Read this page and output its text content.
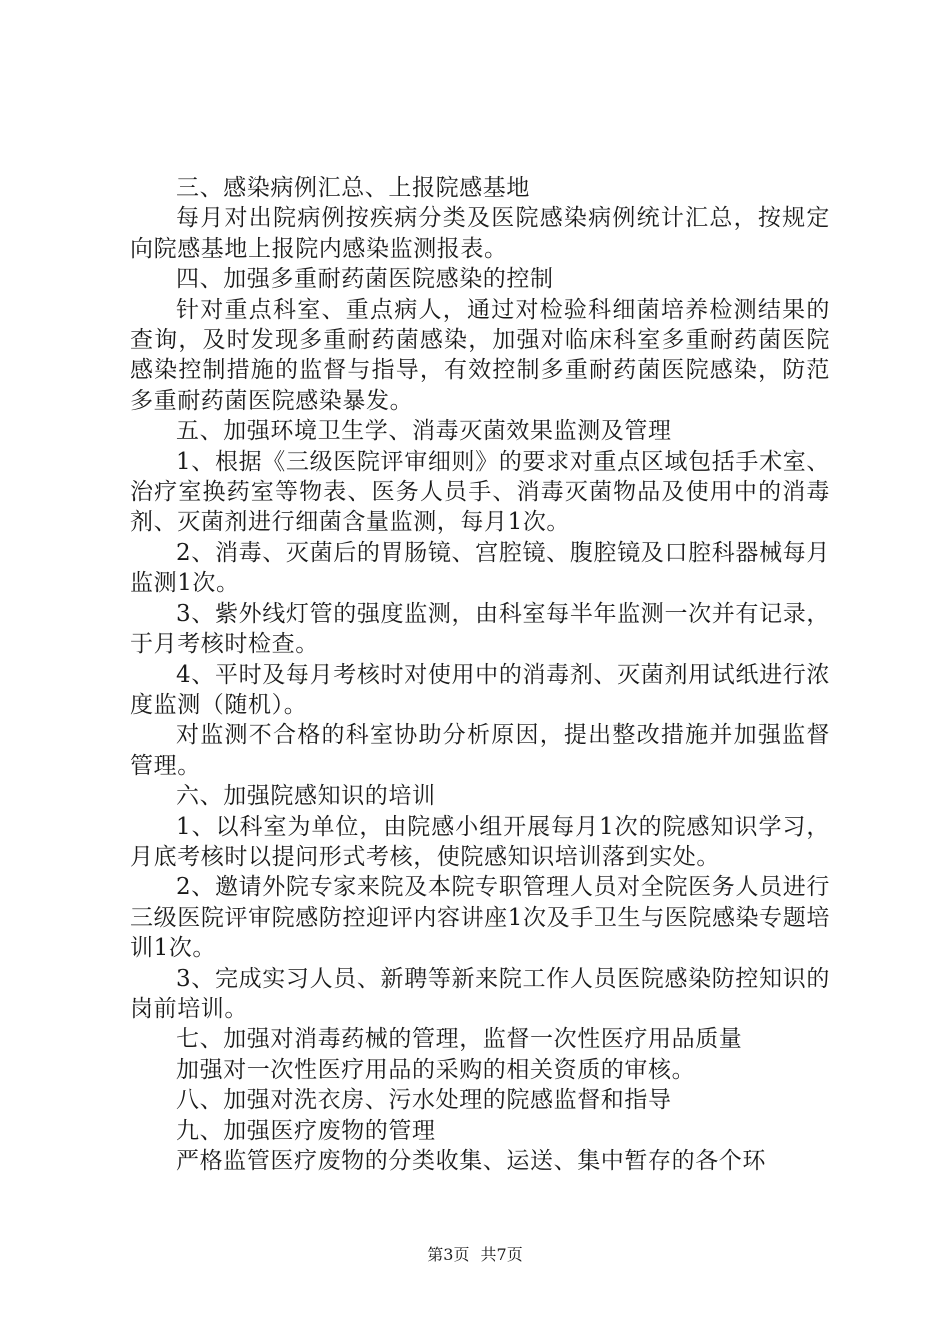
三、感染病例汇总、上报院感基地

每月对出院病例按疾病分类及医院感染病例统计汇总，按规定向院感基地上报院内感染监测报表。

四、加强多重耐药菌医院感染的控制

针对重点科室、重点病人，通过对检验科细菌培养检测结果的查询，及时发现多重耐药菌感染，加强对临床科室多重耐药菌医院感染控制措施的监督与指导，有效控制多重耐药菌医院感染，防范多重耐药菌医院感染暴发。

五、加强环境卫生学、消毒灭菌效果监测及管理

1、根据《三级医院评审细则》的要求对重点区域包括手术室、治疗室换药室等物表、医务人员手、消毒灭菌物品及使用中的消毒剂、灭菌剂进行细菌含量监测，每月1次。

2、消毒、灭菌后的胃肠镜、宫腔镜、腹腔镜及口腔科器械每月监测1次。

3、紫外线灯管的强度监测，由科室每半年监测一次并有记录，于月考核时检查。

4、平时及每月考核时对使用中的消毒剂、灭菌剂用试纸进行浓度监测（随机）。

对监测不合格的科室协助分析原因，提出整改措施并加强监督管理。

六、加强院感知识的培训

1、以科室为单位，由院感小组开展每月1次的院感知识学习，月底考核时以提问形式考核，使院感知识培训落到实处。

2、邀请外院专家来院及本院专职管理人员对全院医务人员进行三级医院评审院感防控迎评内容讲座1次及手卫生与医院感染专题培训1次。

3、完成实习人员、新聘等新来院工作人员医院感染防控知识的岗前培训。

七、加强对消毒药械的管理，监督一次性医疗用品质量

加强对一次性医疗用品的采购的相关资质的审核。

八、加强对洗衣房、污水处理的院感监督和指导

九、加强医疗废物的管理

严格监管医疗废物的分类收集、运送、集中暂存的各个环

第3页 共7页
